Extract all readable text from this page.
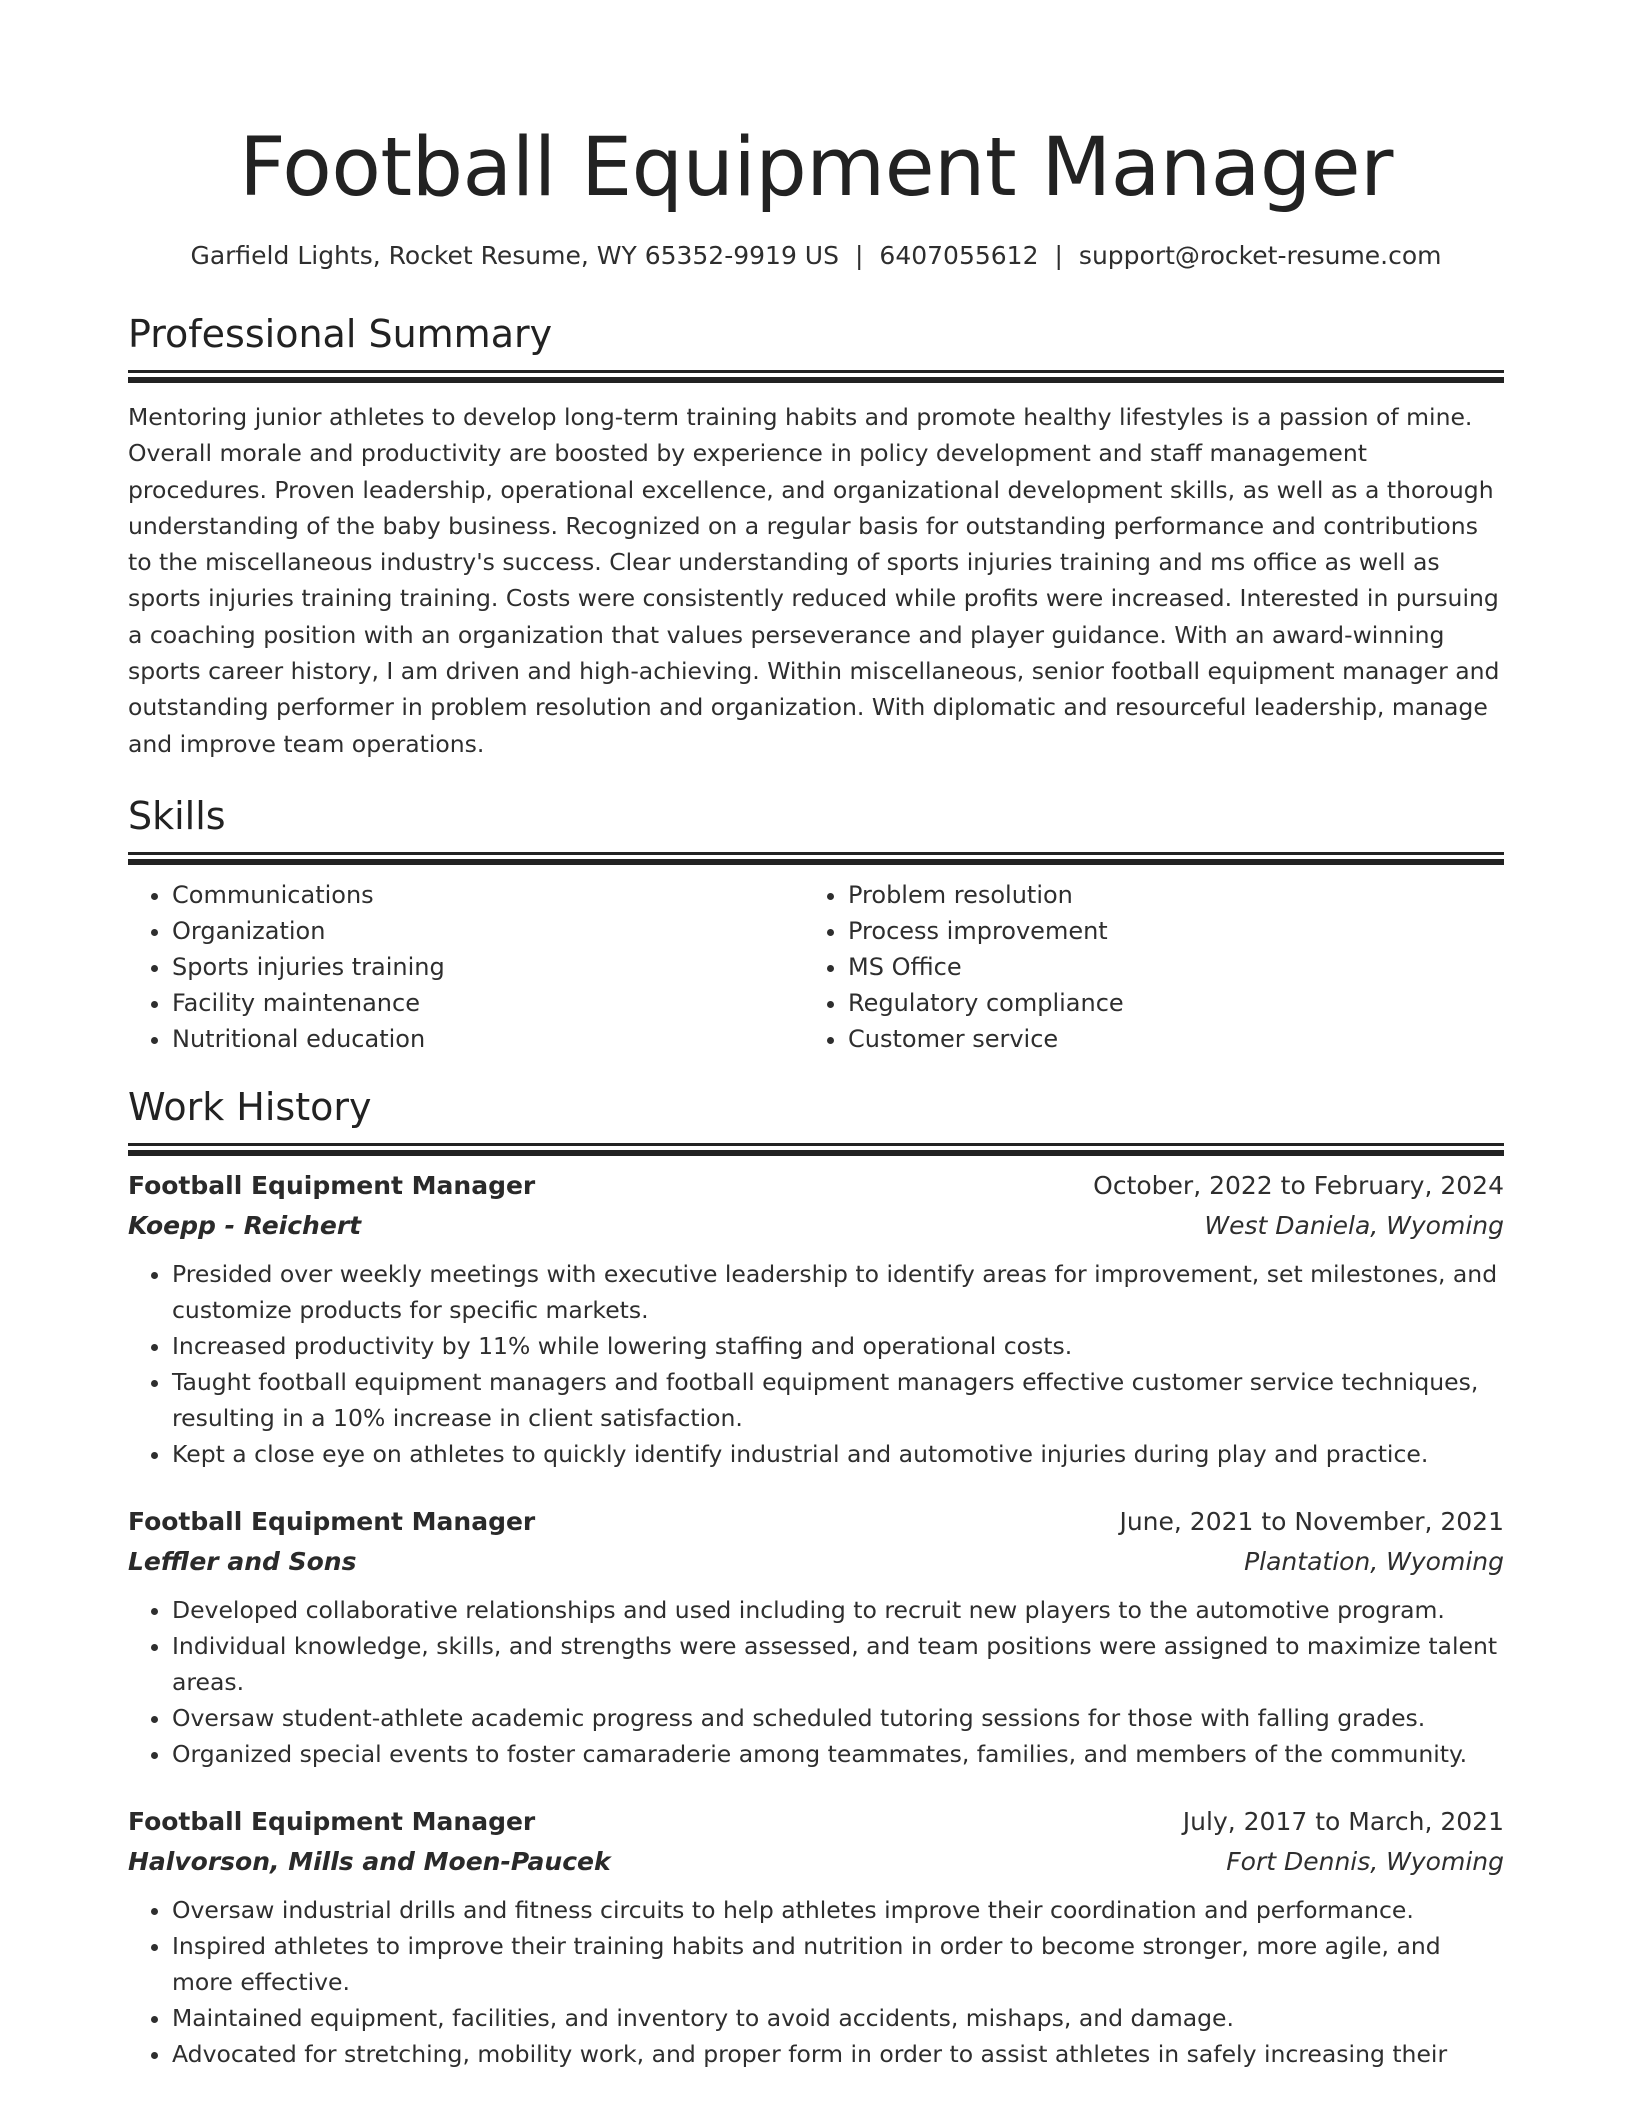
Football Equipment Manager
Garfield Lights, Rocket Resume, WY 65352-9919 US | 6407055612 | support@rocket-resume.com
Professional Summary

Mentoring junior athletes to develop long-term training habits and promote healthy lifestyles is a passion of mine. Overall morale and productivity are boosted by experience in policy development and staff management procedures. Proven leadership, operational excellence, and organizational development skills, as well as a thorough understanding of the baby business. Recognized on a regular basis for outstanding performance and contributions to the miscellaneous industry's success. Clear understanding of sports injuries training and ms office as well as sports injuries training training. Costs were consistently reduced while profits were increased. Interested in pursuing a coaching position with an organization that values perseverance and player guidance. With an award-winning sports career history, I am driven and high-achieving. Within miscellaneous, senior football equipment manager and outstanding performer in problem resolution and organization. With diplomatic and resourceful leadership, manage and improve team operations.

Skills
• Communications
• Organization
• Sports injuries training
• Facility maintenance
• Nutritional education
• Problem resolution
• Process improvement
• MS Office
• Regulatory compliance
• Customer service
Work History
Football Equipment Manager	October, 2022 to February, 2024
Koepp - Reichert	West Daniela, Wyoming
• Presided over weekly meetings with executive leadership to identify areas for improvement, set milestones, and customize products for specific markets.
• Increased productivity by 11% while lowering staffing and operational costs.
• Taught football equipment managers and football equipment managers effective customer service techniques, resulting in a 10% increase in client satisfaction.
• Kept a close eye on athletes to quickly identify industrial and automotive injuries during play and practice.
Football Equipment Manager	June, 2021 to November, 2021
Leffler and Sons	Plantation, Wyoming
• Developed collaborative relationships and used including to recruit new players to the automotive program.
• Individual knowledge, skills, and strengths were assessed, and team positions were assigned to maximize talent areas.
• Oversaw student-athlete academic progress and scheduled tutoring sessions for those with falling grades.
• Organized special events to foster camaraderie among teammates, families, and members of the community.
Football Equipment Manager	July, 2017 to March, 2021
Halvorson, Mills and Moen-Paucek	Fort Dennis, Wyoming
• Oversaw industrial drills and fitness circuits to help athletes improve their coordination and performance.
• Inspired athletes to improve their training habits and nutrition in order to become stronger, more agile, and more effective.
• Maintained equipment, facilities, and inventory to avoid accidents, mishaps, and damage.
• Advocated for stretching, mobility work, and proper form in order to assist athletes in safely increasing their
